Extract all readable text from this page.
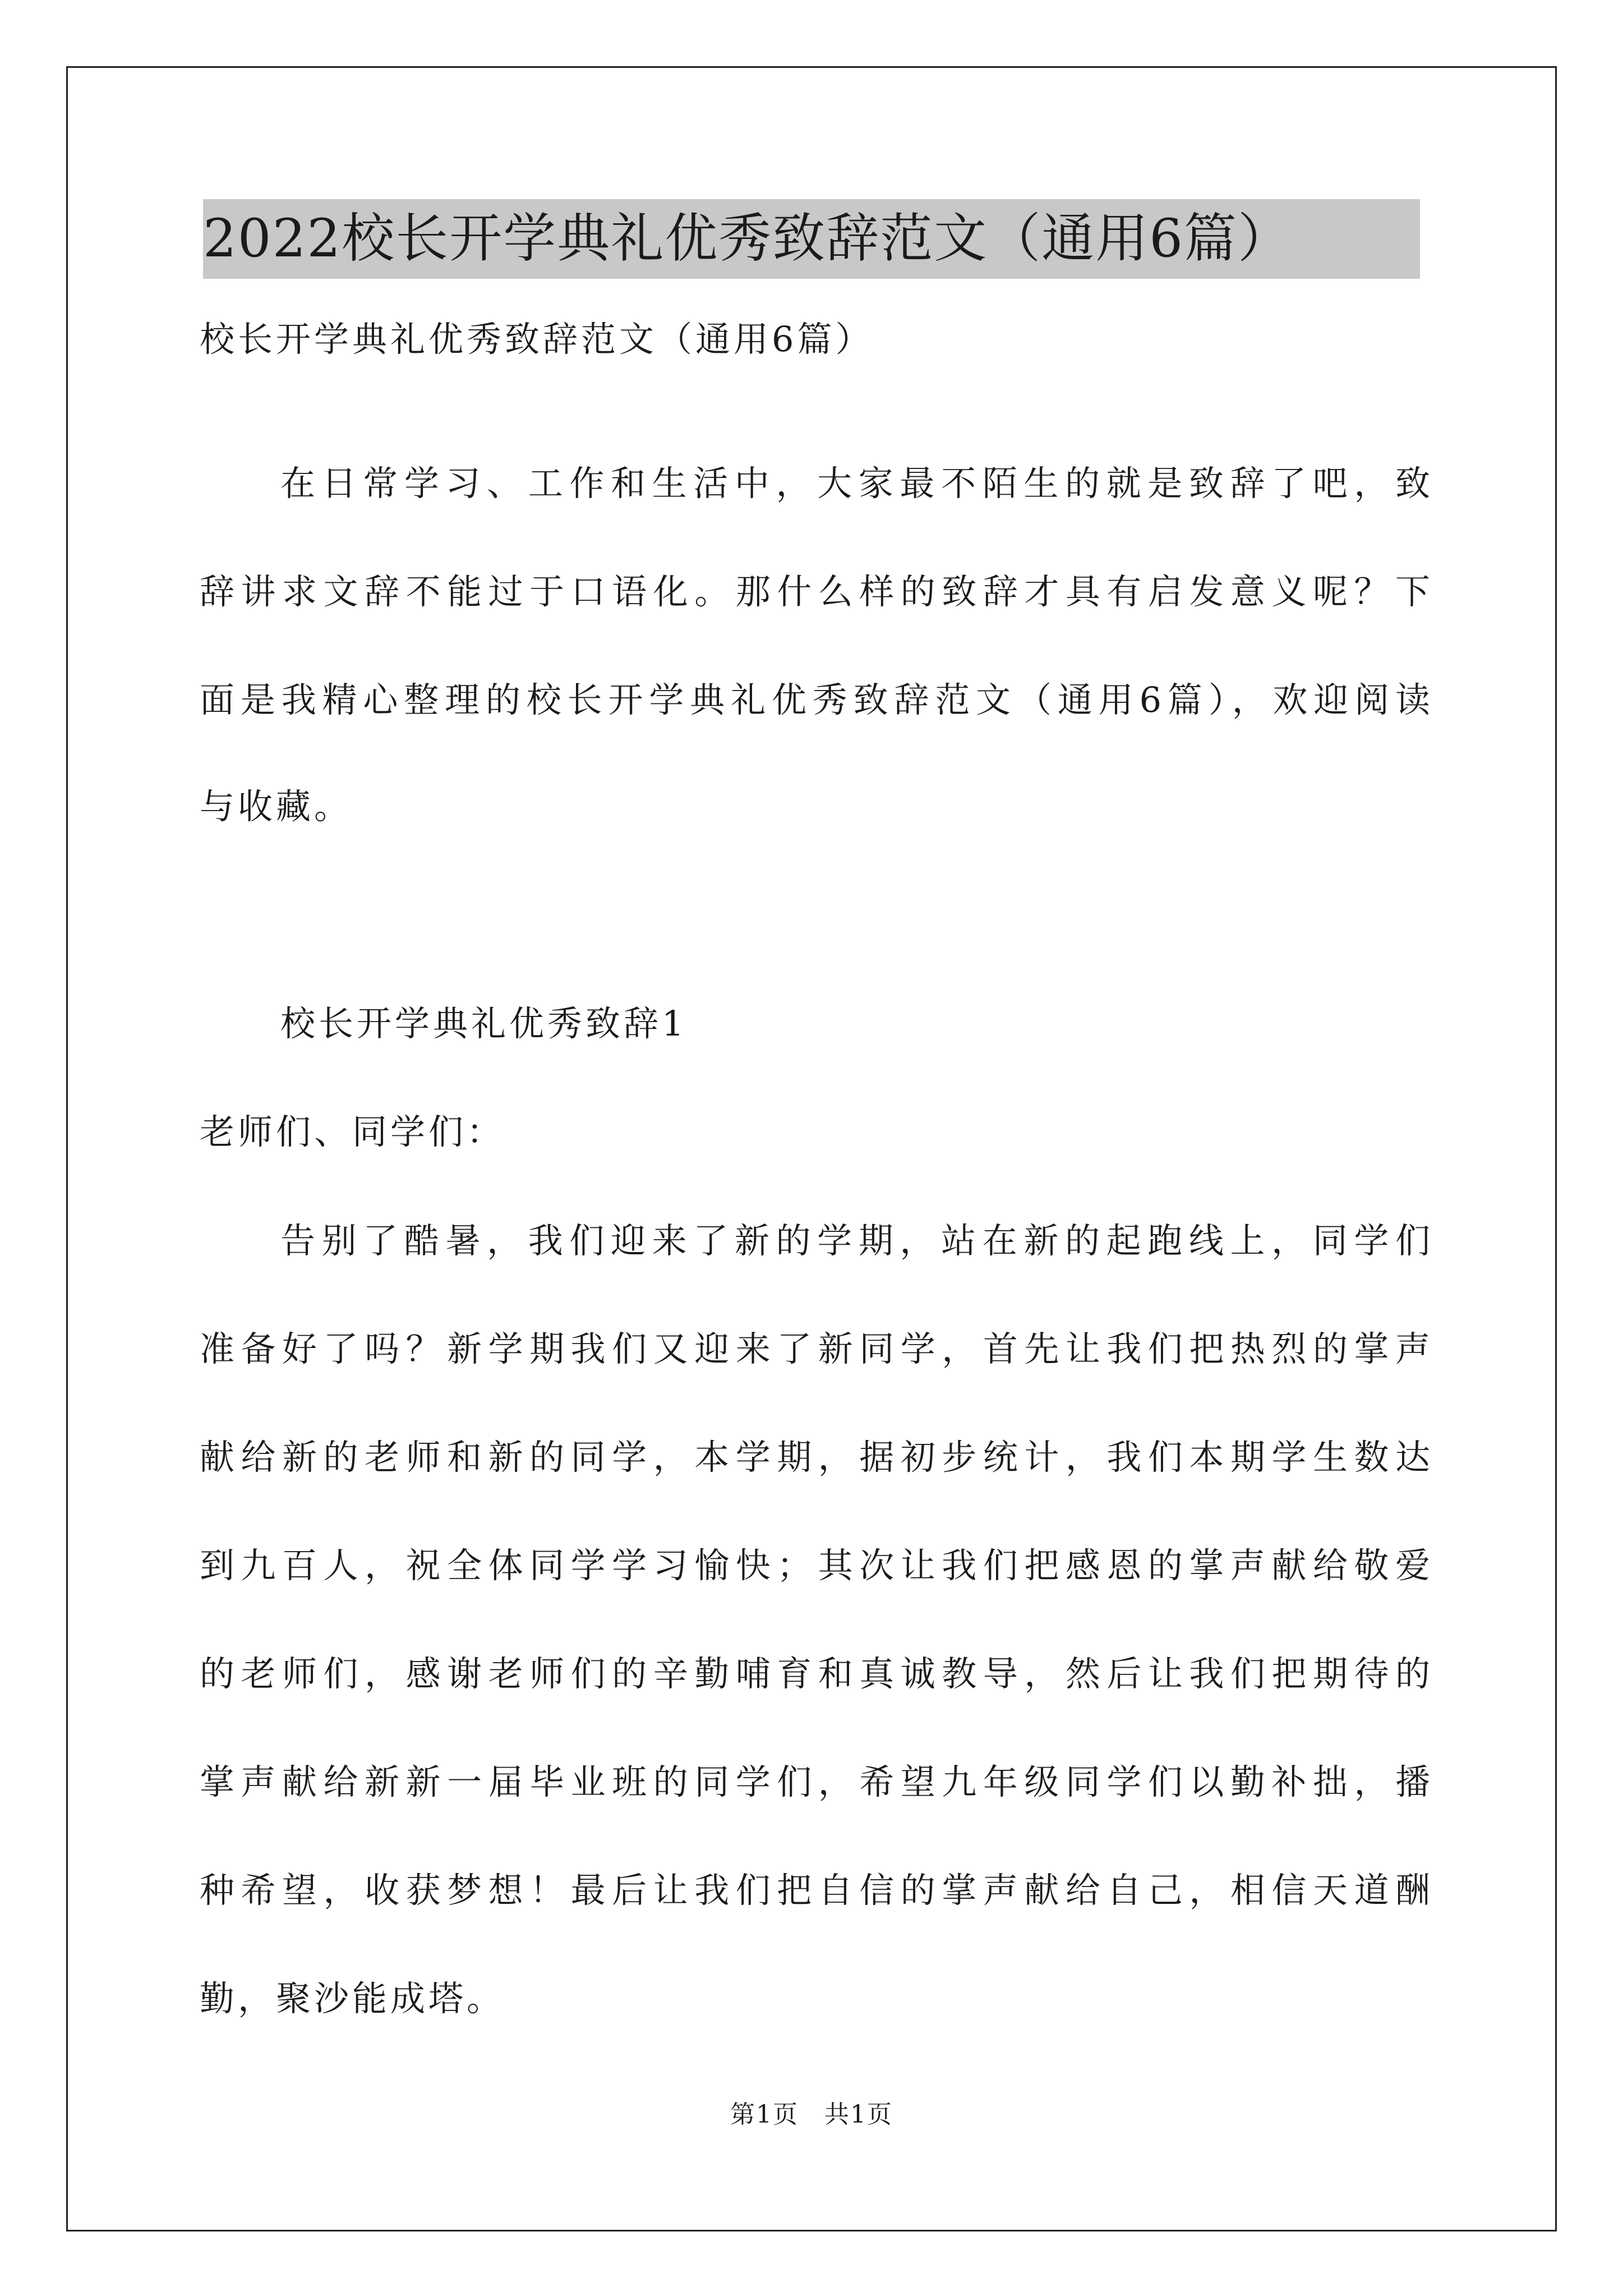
2022校长开学典礼优秀致辞范文（通用6篇）

校长开学典礼优秀致辞范文（通用6篇）

在日常学习、工作和生活中，大家最不陌生的就是致辞了吧，致

辞讲求文辞不能过于口语化。那什么样的致辞才具有启发意义呢？下

面是我精心整理的校长开学典礼优秀致辞范文（通用6篇），欢迎阅读

与收藏。

校长开学典礼优秀致辞1

老师们、同学们：

告别了酷暑，我们迎来了新的学期，站在新的起跑线上，同学们

准备好了吗？新学期我们又迎来了新同学，首先让我们把热烈的掌声

献给新的老师和新的同学，本学期，据初步统计，我们本期学生数达

到九百人，祝全体同学学习愉快；其次让我们把感恩的掌声献给敬爱

的老师们，感谢老师们的辛勤哺育和真诚教导，然后让我们把期待的

掌声献给新新一届毕业班的同学们，希望九年级同学们以勤补拙，播

种希望，收获梦想！最后让我们把自信的掌声献给自己，相信天道酬

勤，聚沙能成塔。

第1页　共1页
